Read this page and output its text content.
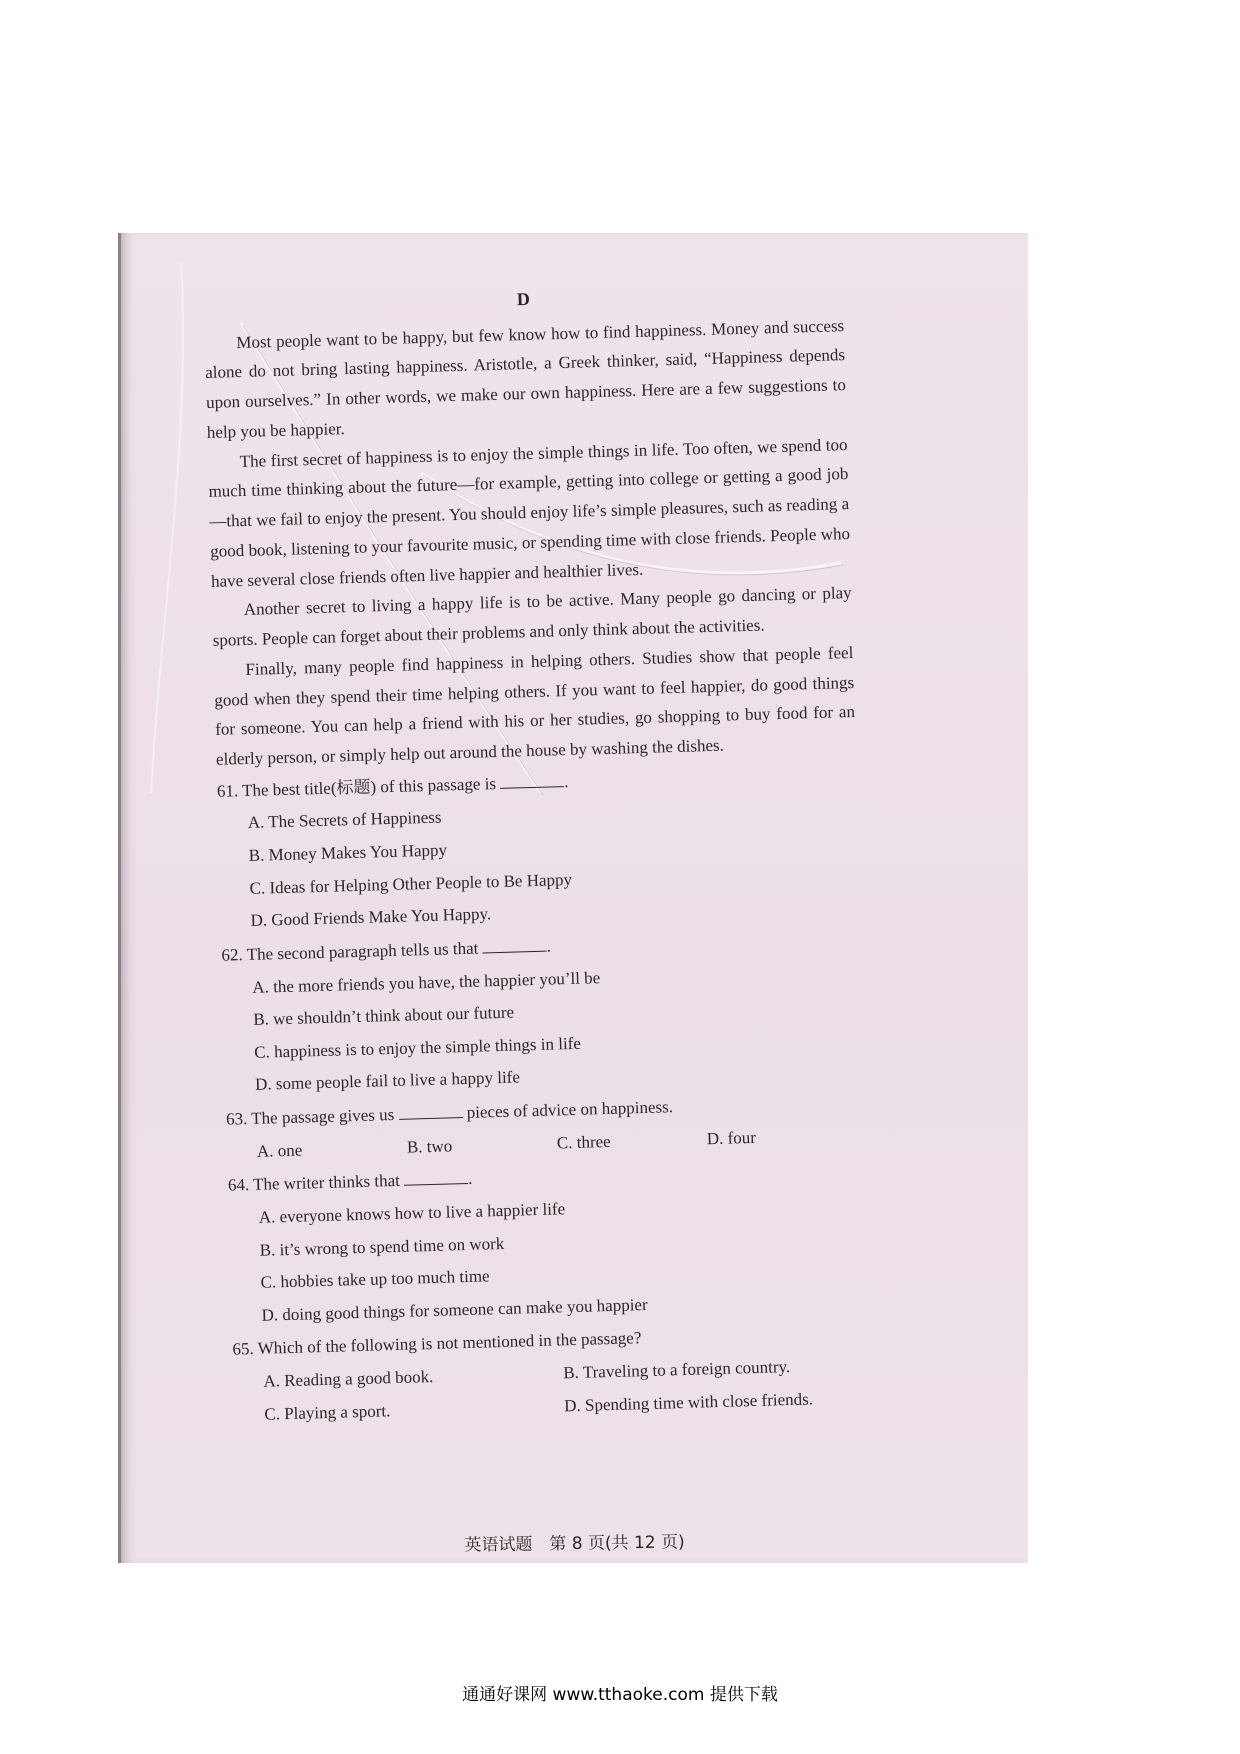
D

Most people want to be happy, but few know how to find happiness. Money and success alone do not bring lasting happiness. Aristotle, a Greek thinker, said, “Happiness depends upon ourselves.” In other words, we make our own happiness. Here are a few suggestions to help you be happier.

The first secret of happiness is to enjoy the simple things in life. Too often, we spend too much time thinking about the future—for example, getting into college or getting a good job—that we fail to enjoy the present. You should enjoy life’s simple pleasures, such as reading a good book, listening to your favourite music, or spending time with close friends. People who have several close friends often live happier and healthier lives.

Another secret to living a happy life is to be active. Many people go dancing or play sports. People can forget about their problems and only think about the activities.

Finally, many people find happiness in helping others. Studies show that people feel good when they spend their time helping others. If you want to feel happier, do good things for someone. You can help a friend with his or her studies, go shopping to buy food for an elderly person, or simply help out around the house by washing the dishes.

61. The best title(标题) of this passage is	.
A. The Secrets of Happiness
B. Money Makes You Happy
C. Ideas for Helping Other People to Be Happy
D. Good Friends Make You Happy.
62. The second paragraph tells us that	.
A. the more friends you have, the happier you’ll be
B. we shouldn’t think about our future
C. happiness is to enjoy the simple things in life
D. some people fail to live a happy life
63. The passage gives us	pieces of advice on happiness.
A. one	B. two	C. three	D. four
64. The writer thinks that	.
A. everyone knows how to live a happier life
B. it’s wrong to spend time on work
C. hobbies take up too much time
D. doing good things for someone can make you happier
65. Which of the following is not mentioned in the passage?
A. Reading a good book.	B. Traveling to a foreign country.
C. Playing a sport.	D. Spending time with close friends.
英语试题　第 8 页(共 12 页)
通通好课网 www.tthaoke.com 提供下载
